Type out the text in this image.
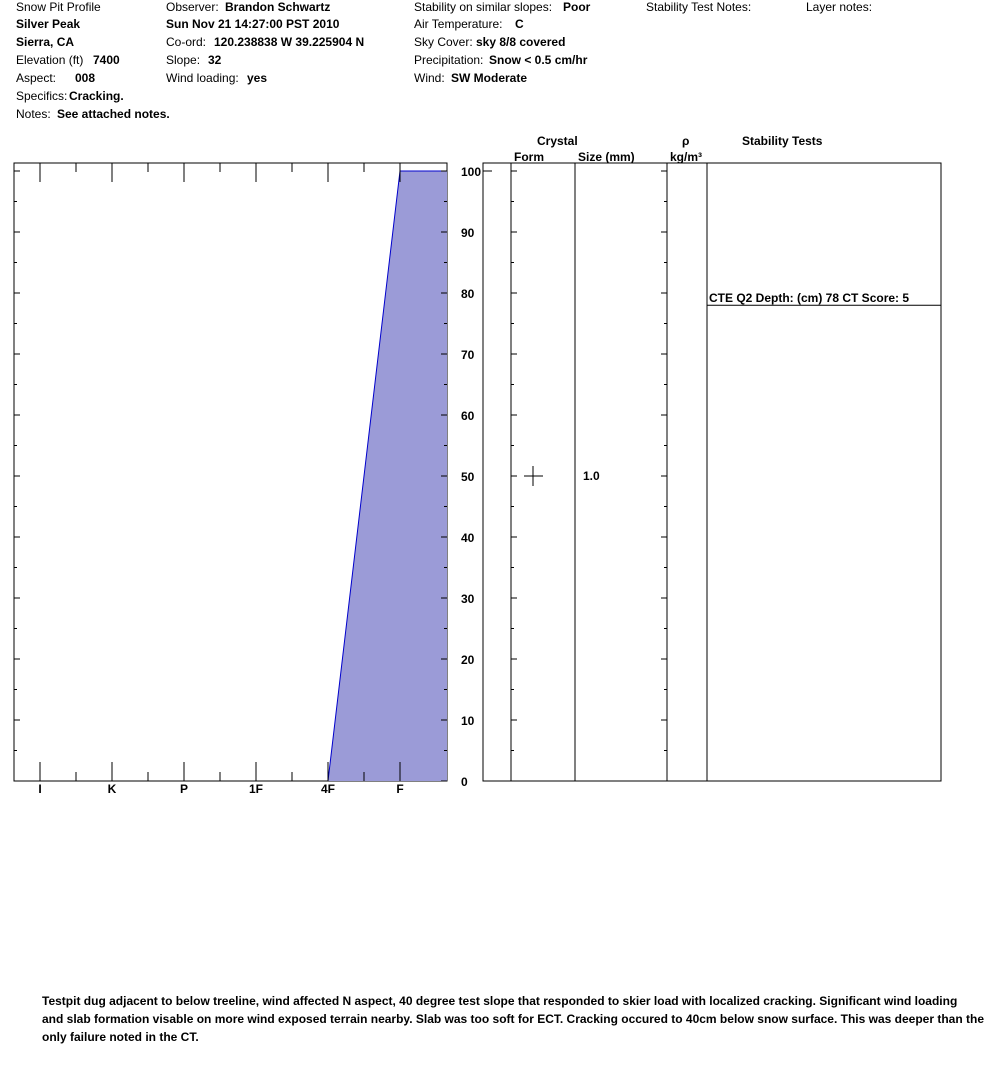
Snow Pit Profile
Silver Peak
Sierra, CA
Elevation (ft) 7400
Aspect: 008
Specifics: Cracking.
Notes: See attached notes.
Observer: Brandon Schwartz
Sun Nov 21 14:27:00 PST 2010
Co-ord: 120.238838 W 39.225904 N
Slope: 32
Wind loading: yes
Stability on similar slopes: Poor
Air Temperature: C
Sky Cover: sky 8/8 covered
Precipitation: Snow < 0.5 cm/hr
Wind: SW Moderate
Stability Test Notes:	Layer notes:
Crystal
Form	Size (mm)
ρ
kg/m³
Stability Tests
I	K	P	1F	4F	F	0
10
20
30
40
50
60
70
80
90
100
CTE Q2 Depth: (cm) 78 CT Score: 5
1.0
Testpit dug adjacent to below treeline, wind affected N aspect, 40 degree test slope that responded to skier load with localized cracking. Significant wind loading
and slab formation visable on more wind exposed terrain nearby. Slab was too soft for ECT. Cracking occured to 40cm below snow surface. This was deeper than the
only failure noted in the CT.
